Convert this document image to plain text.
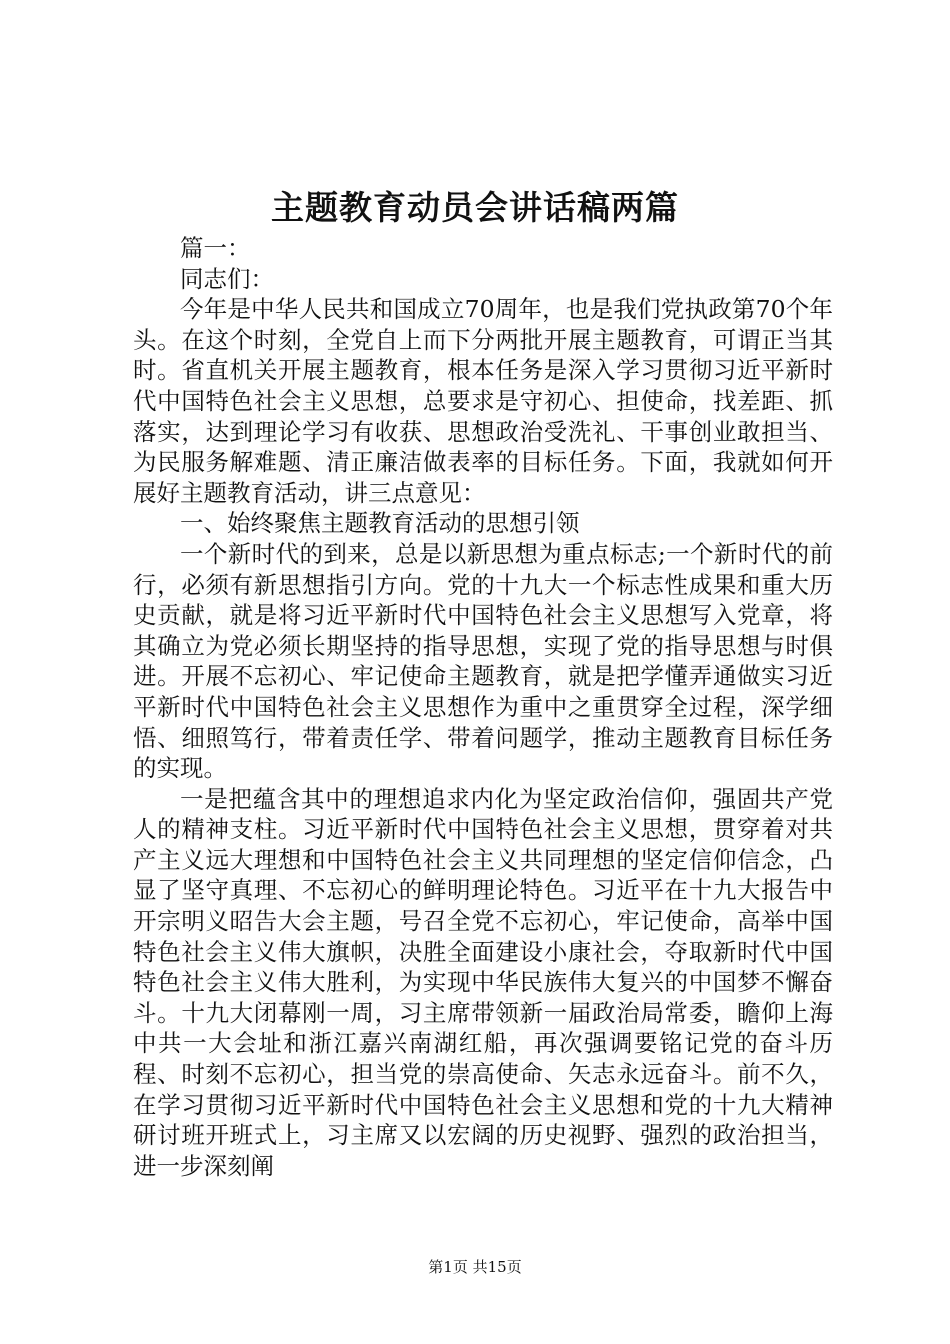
主题教育动员会讲话稿两篇

篇一：

同志们：

今年是中华人民共和国成立70周年，也是我们党执政第70个年头。在这个时刻，全党自上而下分两批开展主题教育，可谓正当其时。省直机关开展主题教育，根本任务是深入学习贯彻习近平新时代中国特色社会主义思想，总要求是守初心、担使命，找差距、抓落实，达到理论学习有收获、思想政治受洗礼、干事创业敢担当、为民服务解难题、清正廉洁做表率的目标任务。下面，我就如何开展好主题教育活动，讲三点意见：

一、始终聚焦主题教育活动的思想引领

一个新时代的到来，总是以新思想为重点标志;一个新时代的前行，必须有新思想指引方向。党的十九大一个标志性成果和重大历史贡献，就是将习近平新时代中国特色社会主义思想写入党章，将其确立为党必须长期坚持的指导思想，实现了党的指导思想与时俱进。开展不忘初心、牢记使命主题教育，就是把学懂弄通做实习近平新时代中国特色社会主义思想作为重中之重贯穿全过程，深学细悟、细照笃行，带着责任学、带着问题学，推动主题教育目标任务的实现。

一是把蕴含其中的理想追求内化为坚定政治信仰，强固共产党人的精神支柱。习近平新时代中国特色社会主义思想，贯穿着对共产主义远大理想和中国特色社会主义共同理想的坚定信仰信念，凸显了坚守真理、不忘初心的鲜明理论特色。习近平在十九大报告中开宗明义昭告大会主题，号召全党不忘初心，牢记使命，高举中国特色社会主义伟大旗帜，决胜全面建设小康社会，夺取新时代中国特色社会主义伟大胜利，为实现中华民族伟大复兴的中国梦不懈奋斗。十九大闭幕刚一周，习主席带领新一届政治局常委，瞻仰上海中共一大会址和浙江嘉兴南湖红船，再次强调要铭记党的奋斗历程、时刻不忘初心，担当党的崇高使命、矢志永远奋斗。前不久，在学习贯彻习近平新时代中国特色社会主义思想和党的十九大精神研讨班开班式上，习主席又以宏阔的历史视野、强烈的政治担当，进一步深刻阐

第1页 共15页
